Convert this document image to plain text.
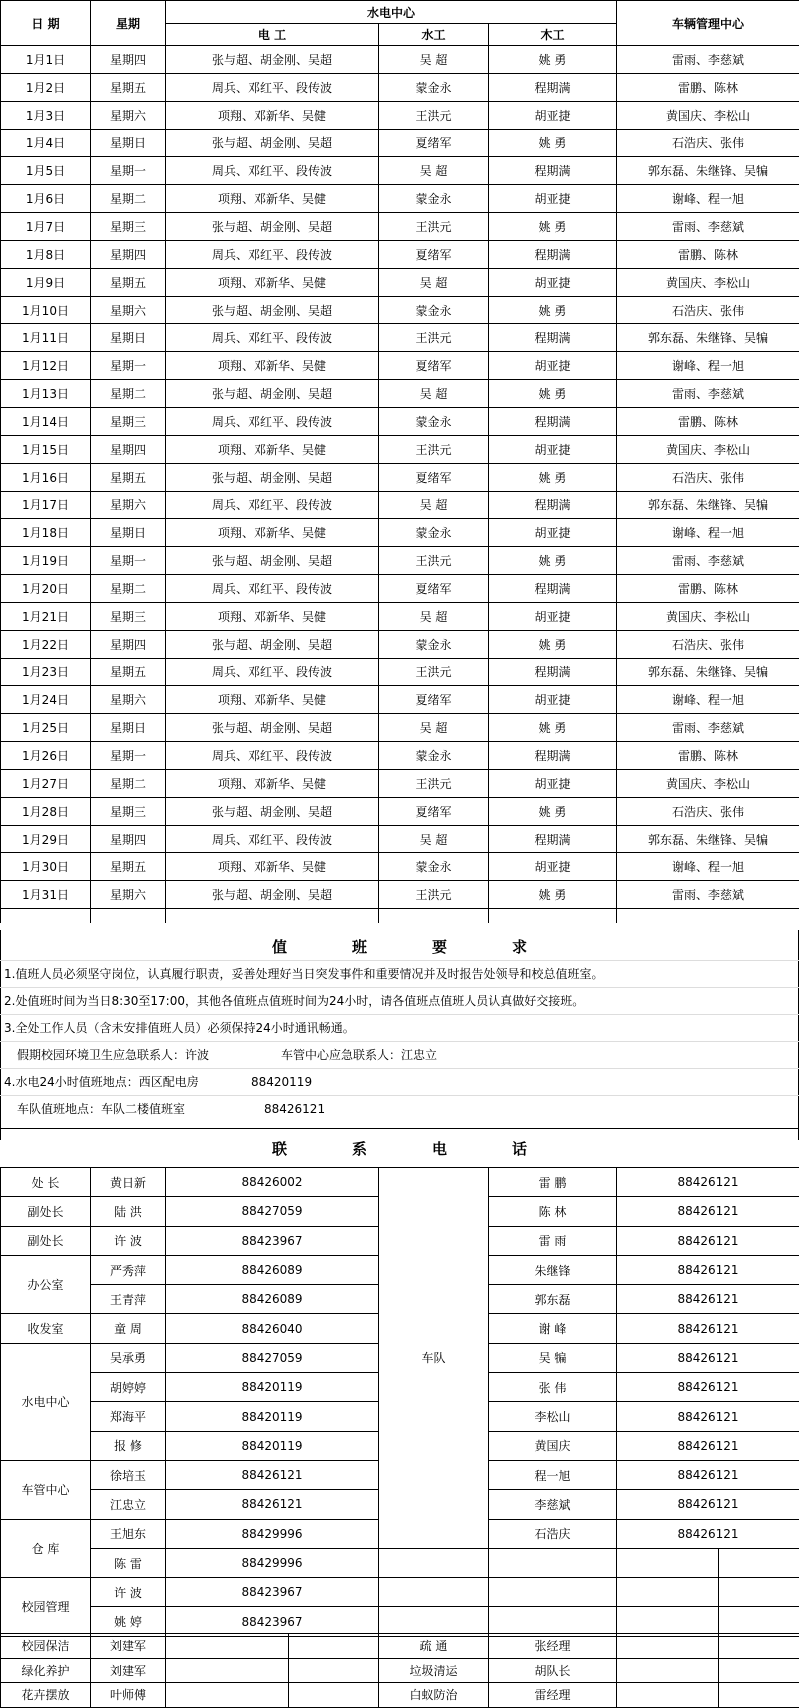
日 期	星期	水电中心			车辆管理中心
		电 工	水工	木工	
1月1日	星期四	张与超、胡金刚、吴超	吴 超	姚 勇	雷雨、李慈斌
1月2日	星期五	周兵、邓红平、段传波	蒙金永	程期满	雷鹏、陈林
1月3日	星期六	项翔、邓新华、吴健	王洪元	胡亚捷	黄国庆、李松山
1月4日	星期日	张与超、胡金刚、吴超	夏绪军	姚 勇	石浩庆、张伟
1月5日	星期一	周兵、邓红平、段传波	吴 超	程期满	郭东磊、朱继锋、吴犏
1月6日	星期二	项翔、邓新华、吴健	蒙金永	胡亚捷	谢峰、程一旭
1月7日	星期三	张与超、胡金刚、吴超	王洪元	姚 勇	雷雨、李慈斌
1月8日	星期四	周兵、邓红平、段传波	夏绪军	程期满	雷鹏、陈林
1月9日	星期五	项翔、邓新华、吴健	吴 超	胡亚捷	黄国庆、李松山
1月10日	星期六	张与超、胡金刚、吴超	蒙金永	姚 勇	石浩庆、张伟
1月11日	星期日	周兵、邓红平、段传波	王洪元	程期满	郭东磊、朱继锋、吴犏
1月12日	星期一	项翔、邓新华、吴健	夏绪军	胡亚捷	谢峰、程一旭
1月13日	星期二	张与超、胡金刚、吴超	吴 超	姚 勇	雷雨、李慈斌
1月14日	星期三	周兵、邓红平、段传波	蒙金永	程期满	雷鹏、陈林
1月15日	星期四	项翔、邓新华、吴健	王洪元	胡亚捷	黄国庆、李松山
1月16日	星期五	张与超、胡金刚、吴超	夏绪军	姚 勇	石浩庆、张伟
1月17日	星期六	周兵、邓红平、段传波	吴 超	程期满	郭东磊、朱继锋、吴犏
1月18日	星期日	项翔、邓新华、吴健	蒙金永	胡亚捷	谢峰、程一旭
1月19日	星期一	张与超、胡金刚、吴超	王洪元	姚 勇	雷雨、李慈斌
1月20日	星期二	周兵、邓红平、段传波	夏绪军	程期满	雷鹏、陈林
1月21日	星期三	项翔、邓新华、吴健	吴 超	胡亚捷	黄国庆、李松山
1月22日	星期四	张与超、胡金刚、吴超	蒙金永	姚 勇	石浩庆、张伟
1月23日	星期五	周兵、邓红平、段传波	王洪元	程期满	郭东磊、朱继锋、吴犏
1月24日	星期六	项翔、邓新华、吴健	夏绪军	胡亚捷	谢峰、程一旭
1月25日	星期日	张与超、胡金刚、吴超	吴 超	姚 勇	雷雨、李慈斌
1月26日	星期一	周兵、邓红平、段传波	蒙金永	程期满	雷鹏、陈林
1月27日	星期二	项翔、邓新华、吴健	王洪元	胡亚捷	黄国庆、李松山
1月28日	星期三	张与超、胡金刚、吴超	夏绪军	姚 勇	石浩庆、张伟
1月29日	星期四	周兵、邓红平、段传波	吴 超	程期满	郭东磊、朱继锋、吴犏
1月30日	星期五	项翔、邓新华、吴健	蒙金永	胡亚捷	谢峰、程一旭
1月31日	星期六	张与超、胡金刚、吴超	王洪元	姚 勇	雷雨、李慈斌

值	班	要	求
1.值班人员必须坚守岗位，认真履行职责，妥善处理好当日突发事件和重要情况并及时报告处领导和校总值班室。
2.处值班时间为当日8:30至17:00，其他各值班点值班时间为24小时，请各值班点值班人员认真做好交接班。
3.全处工作人员（含未安排值班人员）必须保持24小时通讯畅通。
假期校园环境卫生应急联系人：许波	车管中心应急联系人：江忠立
4.水电24小时值班地点：西区配电房	88420119
车队值班地点：车队二楼值班室	88426121
联	系	电	话
处 长	黄日新	88426002	车队	雷 鹏	88426121	
副处长	陆 洪	88427059		陈 林	88426121	
副处长	许 波	88423967		雷 雨	88426121	
办公室	严秀萍	88426089		朱继锋	88426121	
	王青萍	88426089		郭东磊	88426121	
收发室	童 周	88426040		谢 峰	88426121	
水电中心	吴承勇	88427059		吴 犏	88426121	
	胡婷婷	88420119		张 伟	88426121	
	郑海平	88420119		李松山	88426121	
	报 修	88420119		黄国庆	88426121	
车管中心	徐培玉	88426121		程一旭	88426121	
	江忠立	88426121		李慈斌	88426121	
仓 库	王旭东	88429996		石浩庆	88426121	
	陈 雷	88429996				
校园管理	许 波	88423967				
	姚 婷	88423967				
校园保洁	刘建军			疏 通	张经理		
绿化养护	刘建军			垃圾清运	胡队长		
花卉摆放	叶师傅			白蚁防治	雷经理		
